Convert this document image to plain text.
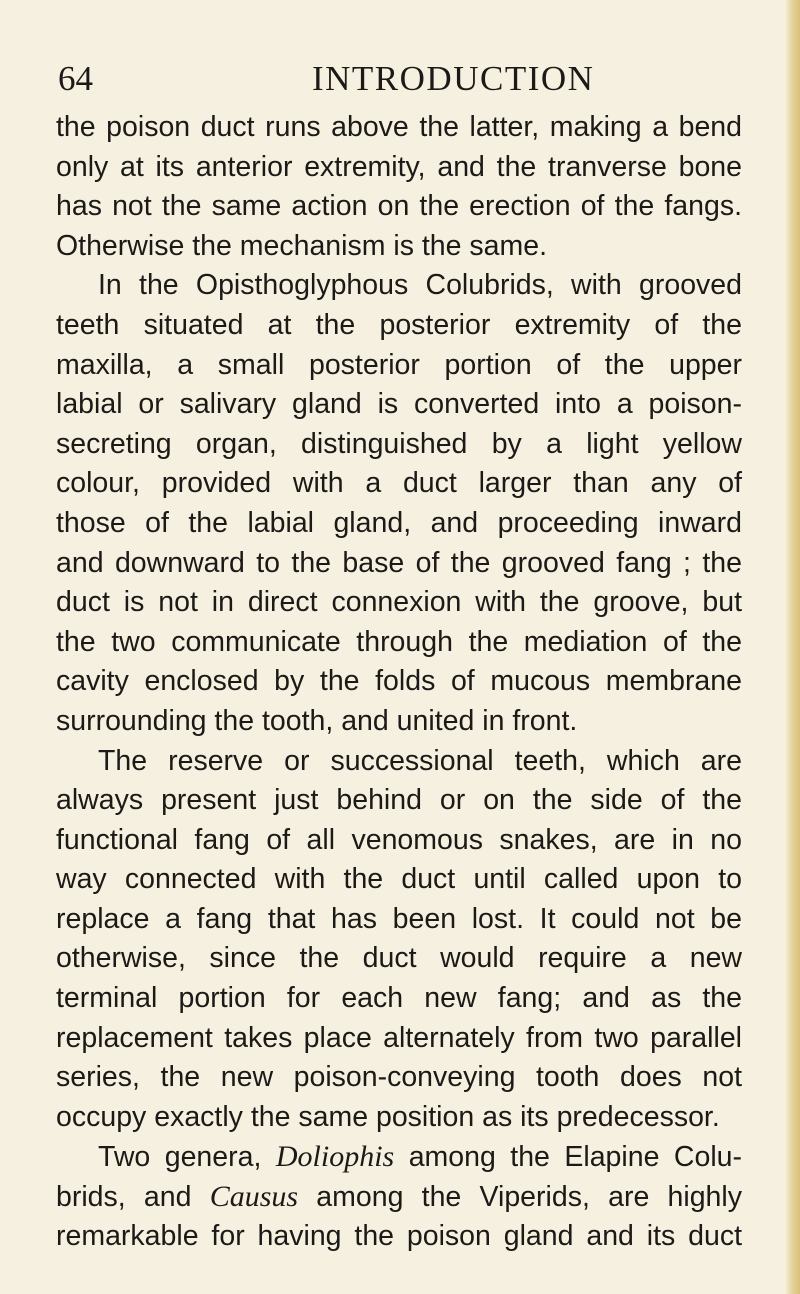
64	INTRODUCTION
the poison duct runs above the latter, making a bend
only at its anterior extremity, and the tranverse bone
has not the same action on the erection of the fangs.
Otherwise the mechanism is the same.
In the Opisthoglyphous Colubrids, with grooved
teeth situated at the posterior extremity of the
maxilla, a small posterior portion of the upper
labial or salivary gland is converted into a poison-
secreting organ, distinguished by a light yellow
colour, provided with a duct larger than any of
those of the labial gland, and proceeding inward
and downward to the base of the grooved fang ; the
duct is not in direct connexion with the groove, but
the two communicate through the mediation of the
cavity enclosed by the folds of mucous membrane
surrounding the tooth, and united in front.
The reserve or successional teeth, which are
always present just behind or on the side of the
functional fang of all venomous snakes, are in no
way connected with the duct until called upon to
replace a fang that has been lost. It could not be
otherwise, since the duct would require a new
terminal portion for each new fang; and as the
replacement takes place alternately from two parallel
series, the new poison-conveying tooth does not
occupy exactly the same position as its predecessor.
Two genera, Doliophis among the Elapine Colu-
brids, and Causus among the Viperids, are highly
remarkable for having the poison gland and its duct
